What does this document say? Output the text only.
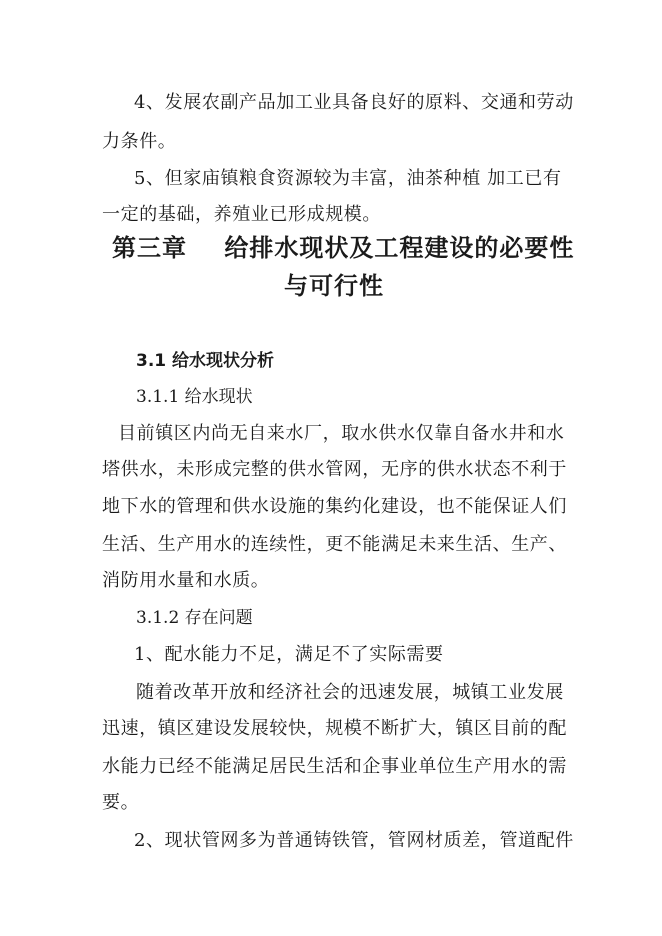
4、发展农副产品加工业具备良好的原料、交通和劳动
力条件。
5、但家庙镇粮食资源较为丰富，油茶种植 加工已有
一定的基础，养殖业已形成规模。
第三章    给排水现状及工程建设的必要性
与可行性
3.1 给水现状分析
3.1.1 给水现状
目前镇区内尚无自来水厂，取水供水仅靠自备水井和水
塔供水，未形成完整的供水管网，无序的供水状态不利于
地下水的管理和供水设施的集约化建设，也不能保证人们
生活、生产用水的连续性，更不能满足未来生活、生产、
消防用水量和水质。
3.1.2 存在问题
1、配水能力不足，满足不了实际需要
随着改革开放和经济社会的迅速发展，城镇工业发展
迅速，镇区建设发展较快，规模不断扩大，镇区目前的配
水能力已经不能满足居民生活和企事业单位生产用水的需
要。
2、现状管网多为普通铸铁管，管网材质差，管道配件
